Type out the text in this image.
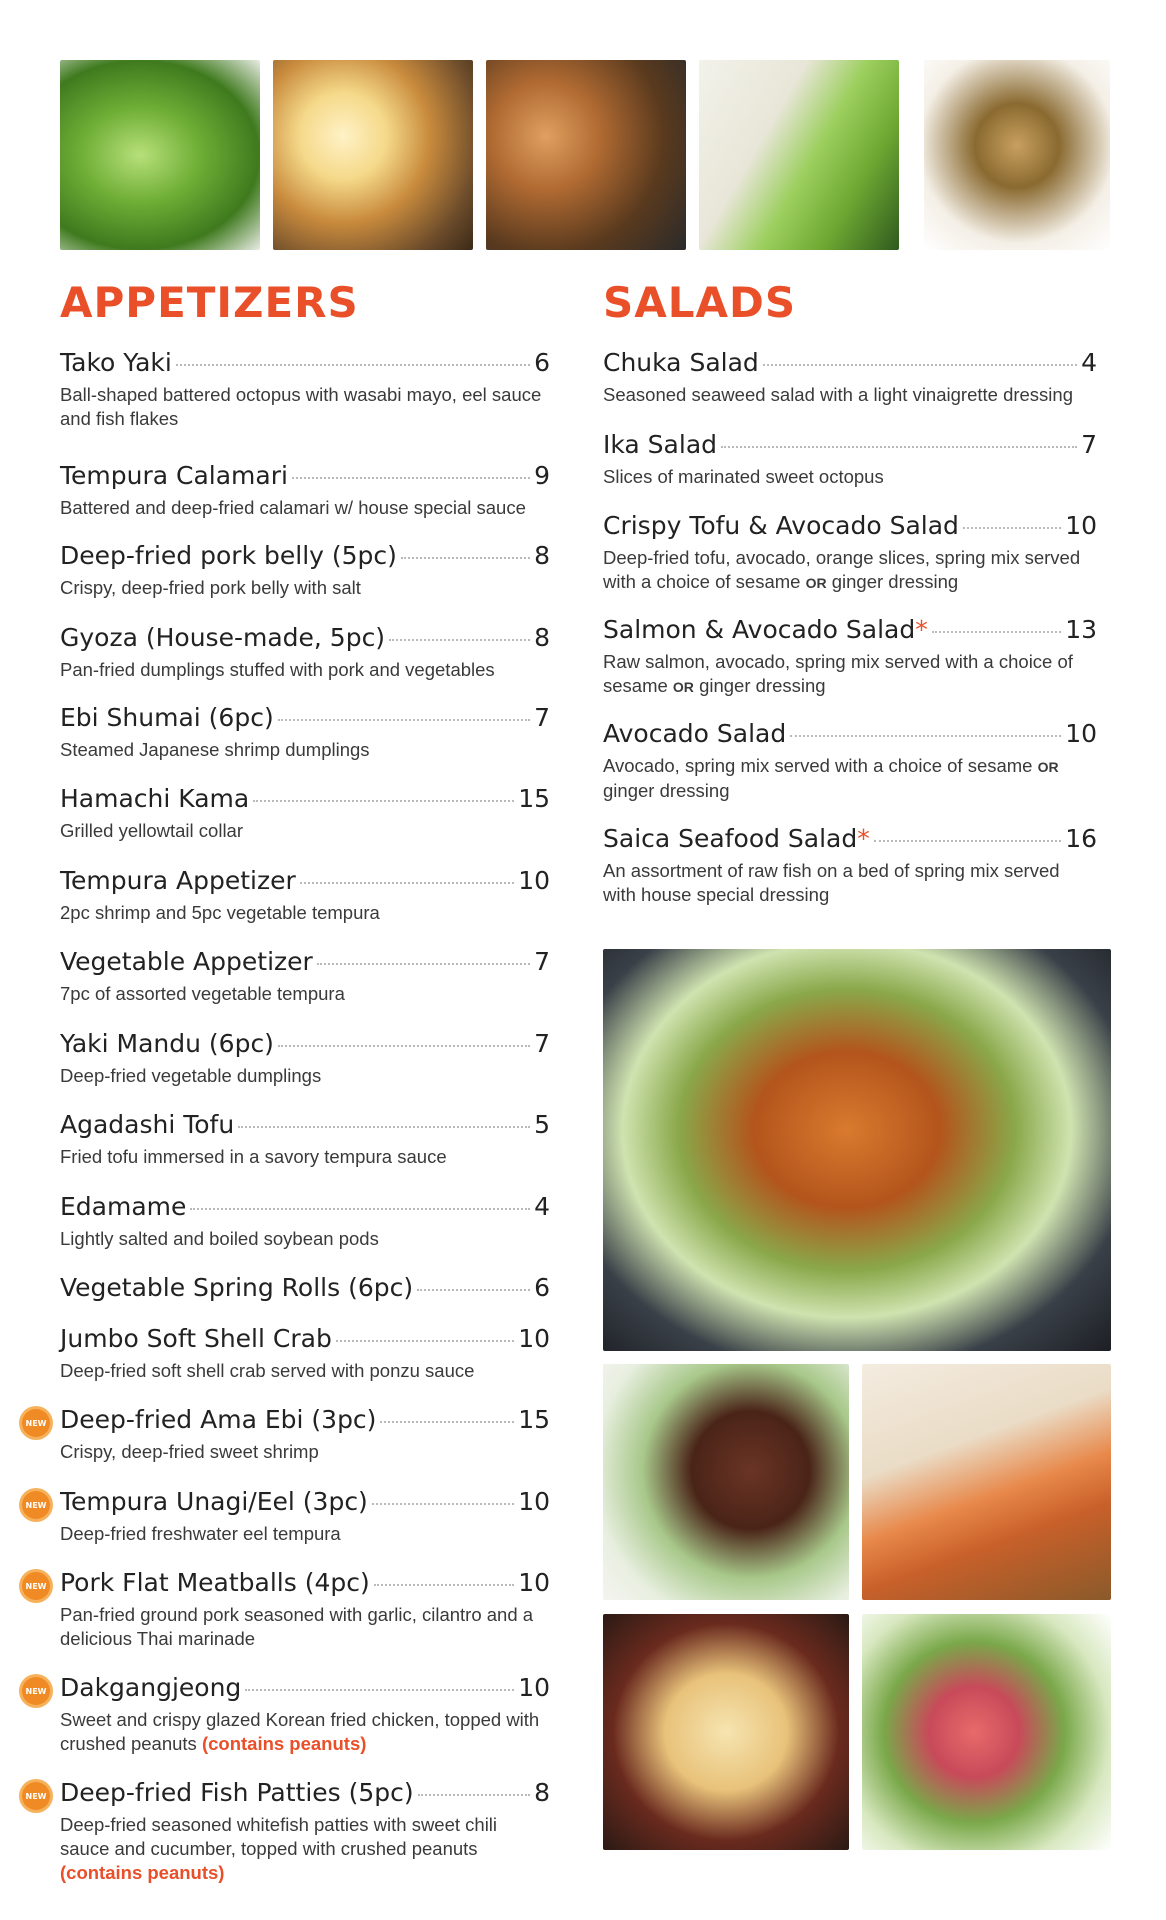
APPETIZERS
Tako Yaki	6
Ball-shaped battered octopus with wasabi mayo, eel sauce and fish flakes
Tempura Calamari	9
Battered and deep-fried calamari w/ house special sauce
Deep-fried pork belly (5pc)	8
Crispy, deep-fried pork belly with salt
Gyoza (House-made, 5pc)	8
Pan-fried dumplings stuffed with pork and vegetables
Ebi Shumai (6pc)	7
Steamed Japanese shrimp dumplings
Hamachi Kama	15
Grilled yellowtail collar
Tempura Appetizer	10
2pc shrimp and 5pc vegetable tempura
Vegetable Appetizer	7
7pc of assorted vegetable tempura
Yaki Mandu (6pc)	7
Deep-fried vegetable dumplings
Agadashi Tofu	5
Fried tofu immersed in a savory tempura sauce
Edamame	4
Lightly salted and boiled soybean pods
Vegetable Spring Rolls (6pc)	6
Jumbo Soft Shell Crab	10
Deep-fried soft shell crab served with ponzu sauce
NEW Deep-fried Ama Ebi (3pc)	15
Crispy, deep-fried sweet shrimp
NEW Tempura Unagi/Eel (3pc)	10
Deep-fried freshwater eel tempura
NEW Pork Flat Meatballs (4pc)	10
Pan-fried ground pork seasoned with garlic, cilantro and a delicious Thai marinade
NEW Dakgangjeong	10
Sweet and crispy glazed Korean fried chicken, topped with crushed peanuts (contains peanuts)
NEW Deep-fried Fish Patties (5pc)	8
Deep-fried seasoned whitefish patties with sweet chili sauce and cucumber, topped with crushed peanuts
(contains peanuts)
SALADS
Chuka Salad	4
Seasoned seaweed salad with a light vinaigrette dressing
Ika Salad	7
Slices of marinated sweet octopus
Crispy Tofu & Avocado Salad	10
Deep-fried tofu, avocado, orange slices, spring mix served with a choice of sesame OR ginger dressing
Salmon & Avocado Salad*	13
Raw salmon, avocado, spring mix served with a choice of sesame OR ginger dressing
Avocado Salad	10
Avocado, spring mix served with a choice of sesame OR ginger dressing
Saica Seafood Salad*	16
An assortment of raw fish on a bed of spring mix served with house special dressing
